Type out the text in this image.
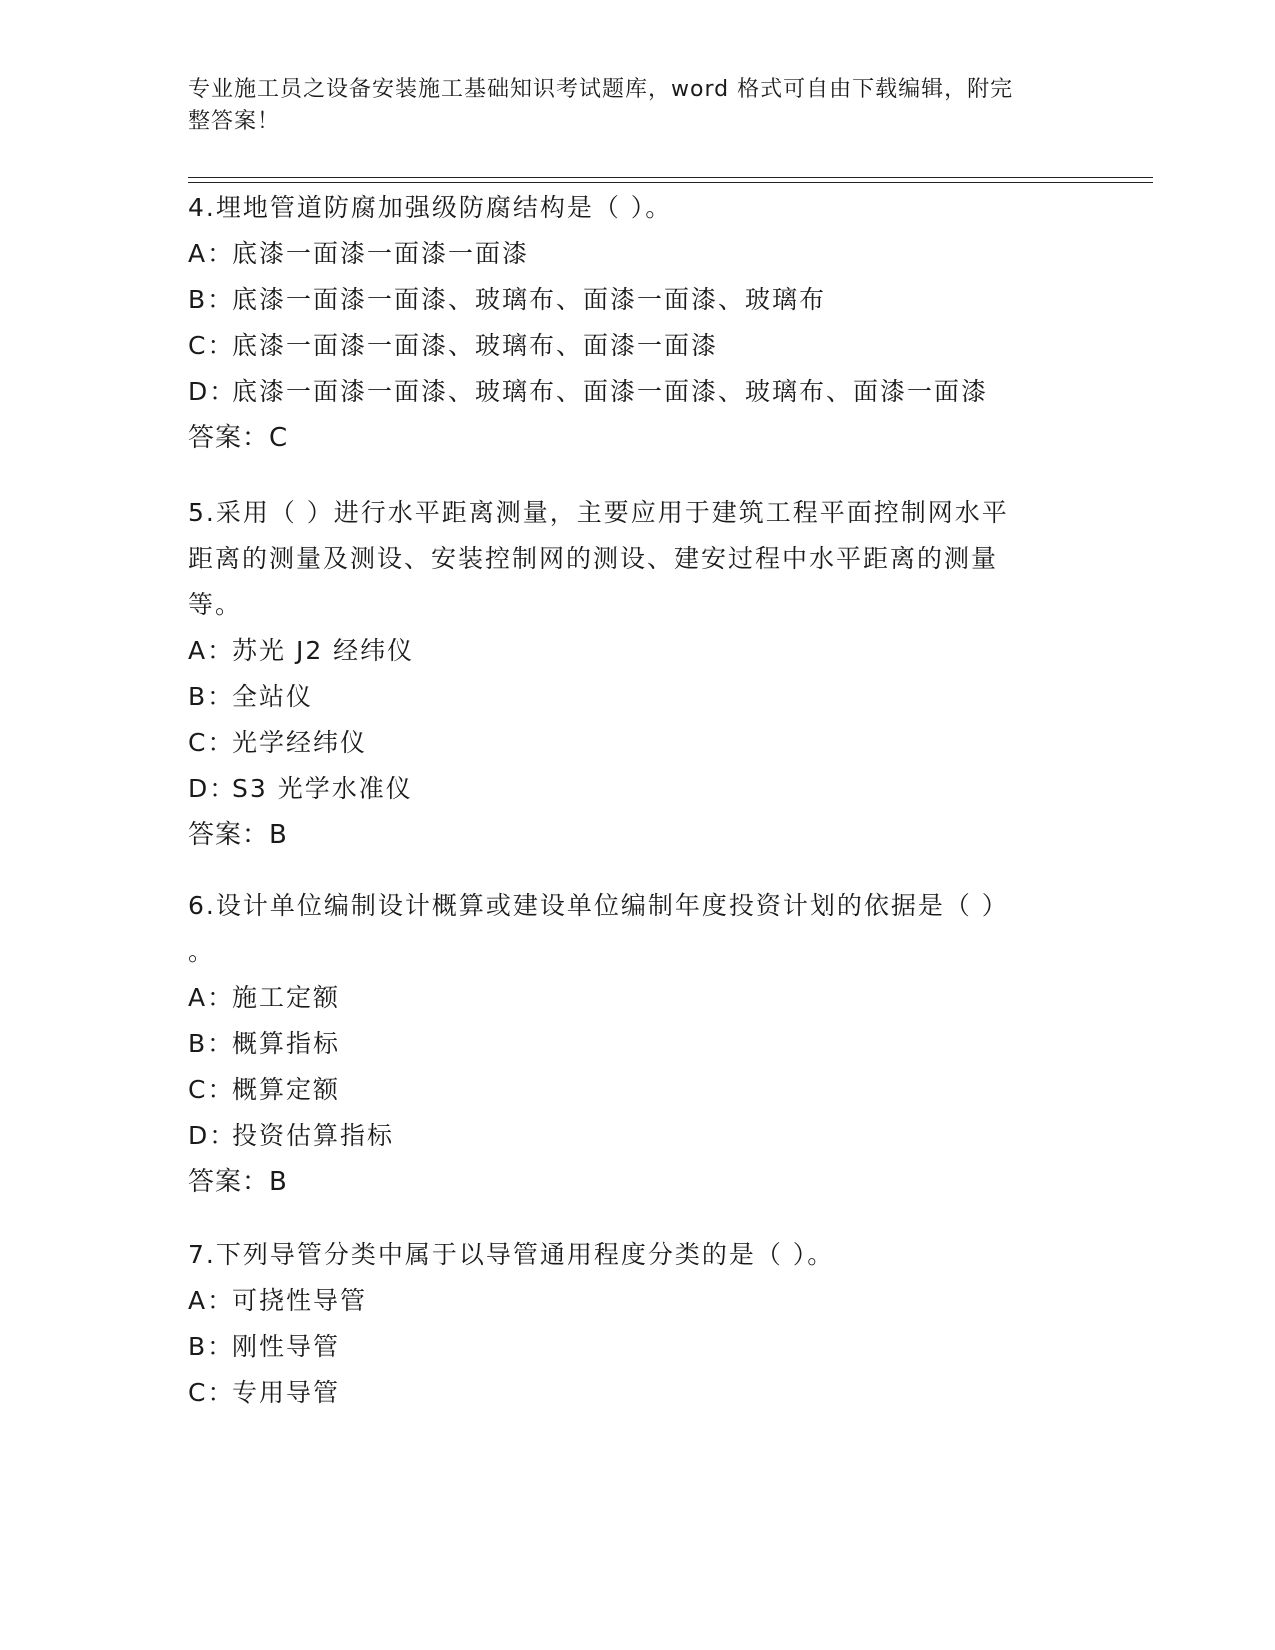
专业施工员之设备安装施工基础知识考试题库，word 格式可自由下载编辑，附完
整答案！
4.埋地管道防腐加强级防腐结构是（ ）。
A：底漆一面漆一面漆一面漆
B：底漆一面漆一面漆、玻璃布、面漆一面漆、玻璃布
C：底漆一面漆一面漆、玻璃布、面漆一面漆
D：底漆一面漆一面漆、玻璃布、面漆一面漆、玻璃布、面漆一面漆
答案：C
5.采用（ ）进行水平距离测量，主要应用于建筑工程平面控制网水平
距离的测量及测设、安装控制网的测设、建安过程中水平距离的测量
等。
A：苏光 J2 经纬仪
B：全站仪
C：光学经纬仪
D：S3 光学水准仪
答案：B
6.设计单位编制设计概算或建设单位编制年度投资计划的依据是（ ）
。
A：施工定额
B：概算指标
C：概算定额
D：投资估算指标
答案：B
7.下列导管分类中属于以导管通用程度分类的是（ ）。
A：可挠性导管
B：刚性导管
C：专用导管
